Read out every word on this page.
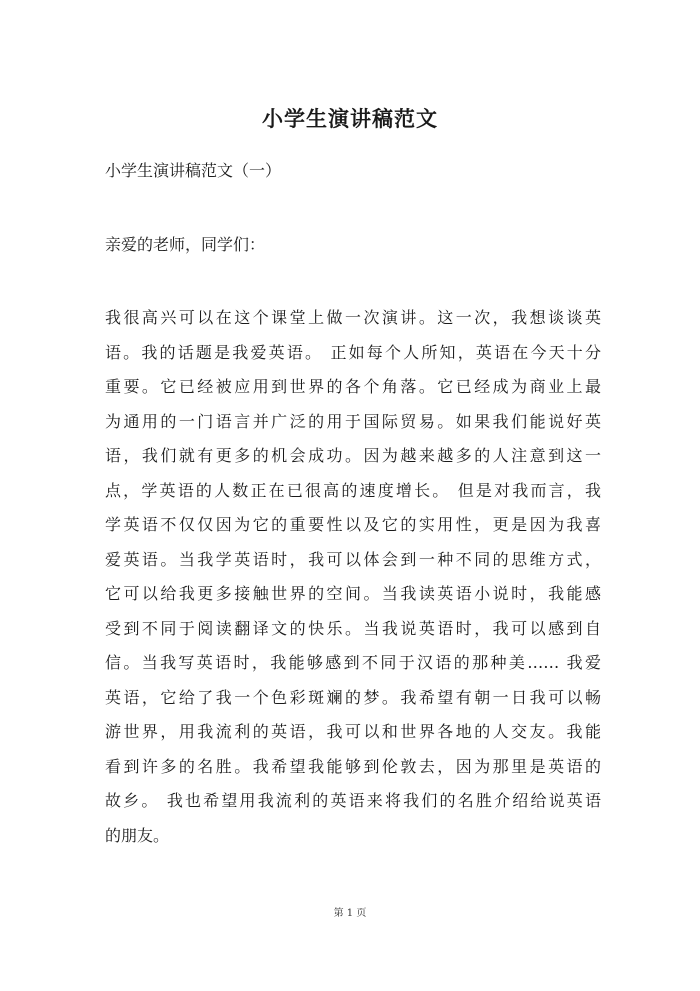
小学生演讲稿范文
小学生演讲稿范文（一）
亲爱的老师，同学们：
我很高兴可以在这个课堂上做一次演讲。这一次，我想谈谈英
语。我的话题是我爱英语。 正如每个人所知，英语在今天十分
重要。它已经被应用到世界的各个角落。它已经成为商业上最
为通用的一门语言并广泛的用于国际贸易。如果我们能说好英
语，我们就有更多的机会成功。因为越来越多的人注意到这一
点，学英语的人数正在已很高的速度增长。 但是对我而言，我
学英语不仅仅因为它的重要性以及它的实用性，更是因为我喜
爱英语。当我学英语时，我可以体会到一种不同的思维方式，
它可以给我更多接触世界的空间。当我读英语小说时，我能感
受到不同于阅读翻译文的快乐。当我说英语时，我可以感到自
信。当我写英语时，我能够感到不同于汉语的那种美…… 我爱
英语，它给了我一个色彩斑斓的梦。我希望有朝一日我可以畅
游世界，用我流利的英语，我可以和世界各地的人交友。我能
看到许多的名胜。我希望我能够到伦敦去，因为那里是英语的
故乡。 我也希望用我流利的英语来将我们的名胜介绍给说英语
的朋友。
第 1 页
